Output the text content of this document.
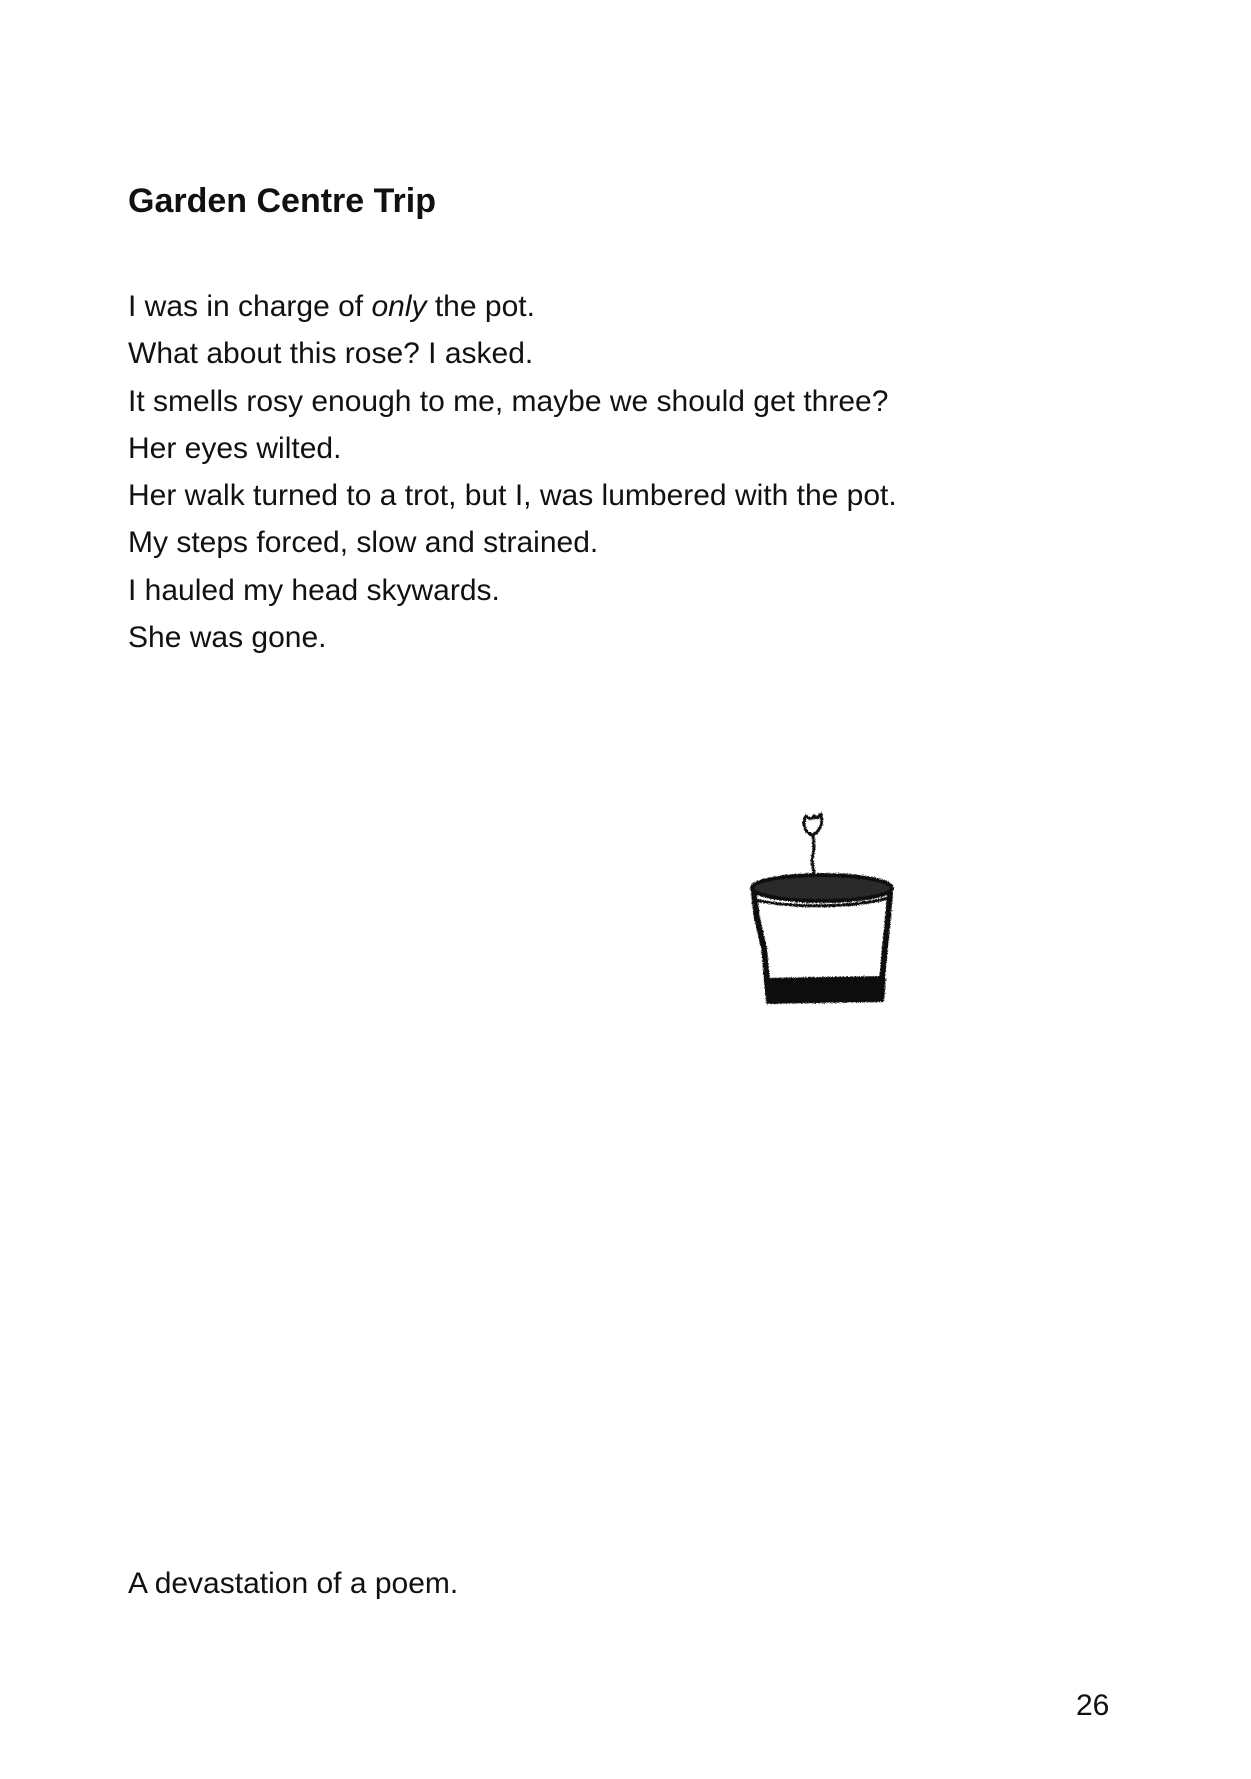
Garden Centre Trip
I was in charge of only the pot.
What about this rose? I asked.
It smells rosy enough to me, maybe we should get three?
Her eyes wilted.
Her walk turned to a trot, but I, was lumbered with the pot.
My steps forced, slow and strained.
I hauled my head skywards.
She was gone.
A devastation of a poem.
26
